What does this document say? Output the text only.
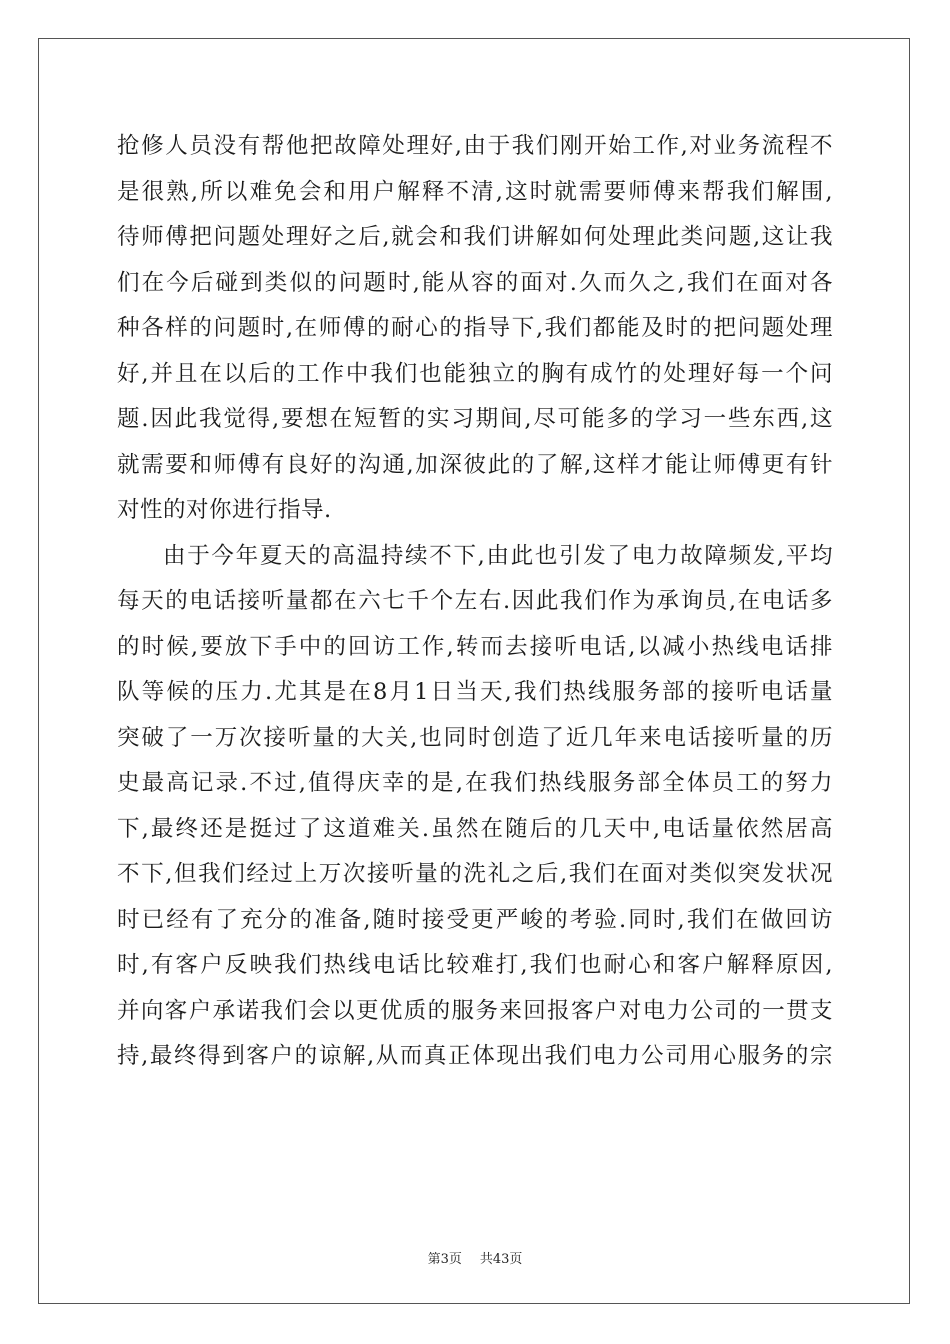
抢修人员没有帮他把故障处理好,由于我们刚开始工作,对业务流程不
是很熟,所以难免会和用户解释不清,这时就需要师傅来帮我们解围,
待师傅把问题处理好之后,就会和我们讲解如何处理此类问题,这让我
们在今后碰到类似的问题时,能从容的面对.久而久之,我们在面对各
种各样的问题时,在师傅的耐心的指导下,我们都能及时的把问题处理
好,并且在以后的工作中我们也能独立的胸有成竹的处理好每一个问
题.因此我觉得,要想在短暂的实习期间,尽可能多的学习一些东西,这
就需要和师傅有良好的沟通,加深彼此的了解,这样才能让师傅更有针
对性的对你进行指导.
由于今年夏天的高温持续不下,由此也引发了电力故障频发,平均
每天的电话接听量都在六七千个左右.因此我们作为承询员,在电话多
的时候,要放下手中的回访工作,转而去接听电话,以减小热线电话排
队等候的压力.尤其是在8月1日当天,我们热线服务部的接听电话量
突破了一万次接听量的大关,也同时创造了近几年来电话接听量的历
史最高记录.不过,值得庆幸的是,在我们热线服务部全体员工的努力
下,最终还是挺过了这道难关.虽然在随后的几天中,电话量依然居高
不下,但我们经过上万次接听量的洗礼之后,我们在面对类似突发状况
时已经有了充分的准备,随时接受更严峻的考验.同时,我们在做回访
时,有客户反映我们热线电话比较难打,我们也耐心和客户解释原因,
并向客户承诺我们会以更优质的服务来回报客户对电力公司的一贯支
持,最终得到客户的谅解,从而真正体现出我们电力公司用心服务的宗
第3页 共43页
